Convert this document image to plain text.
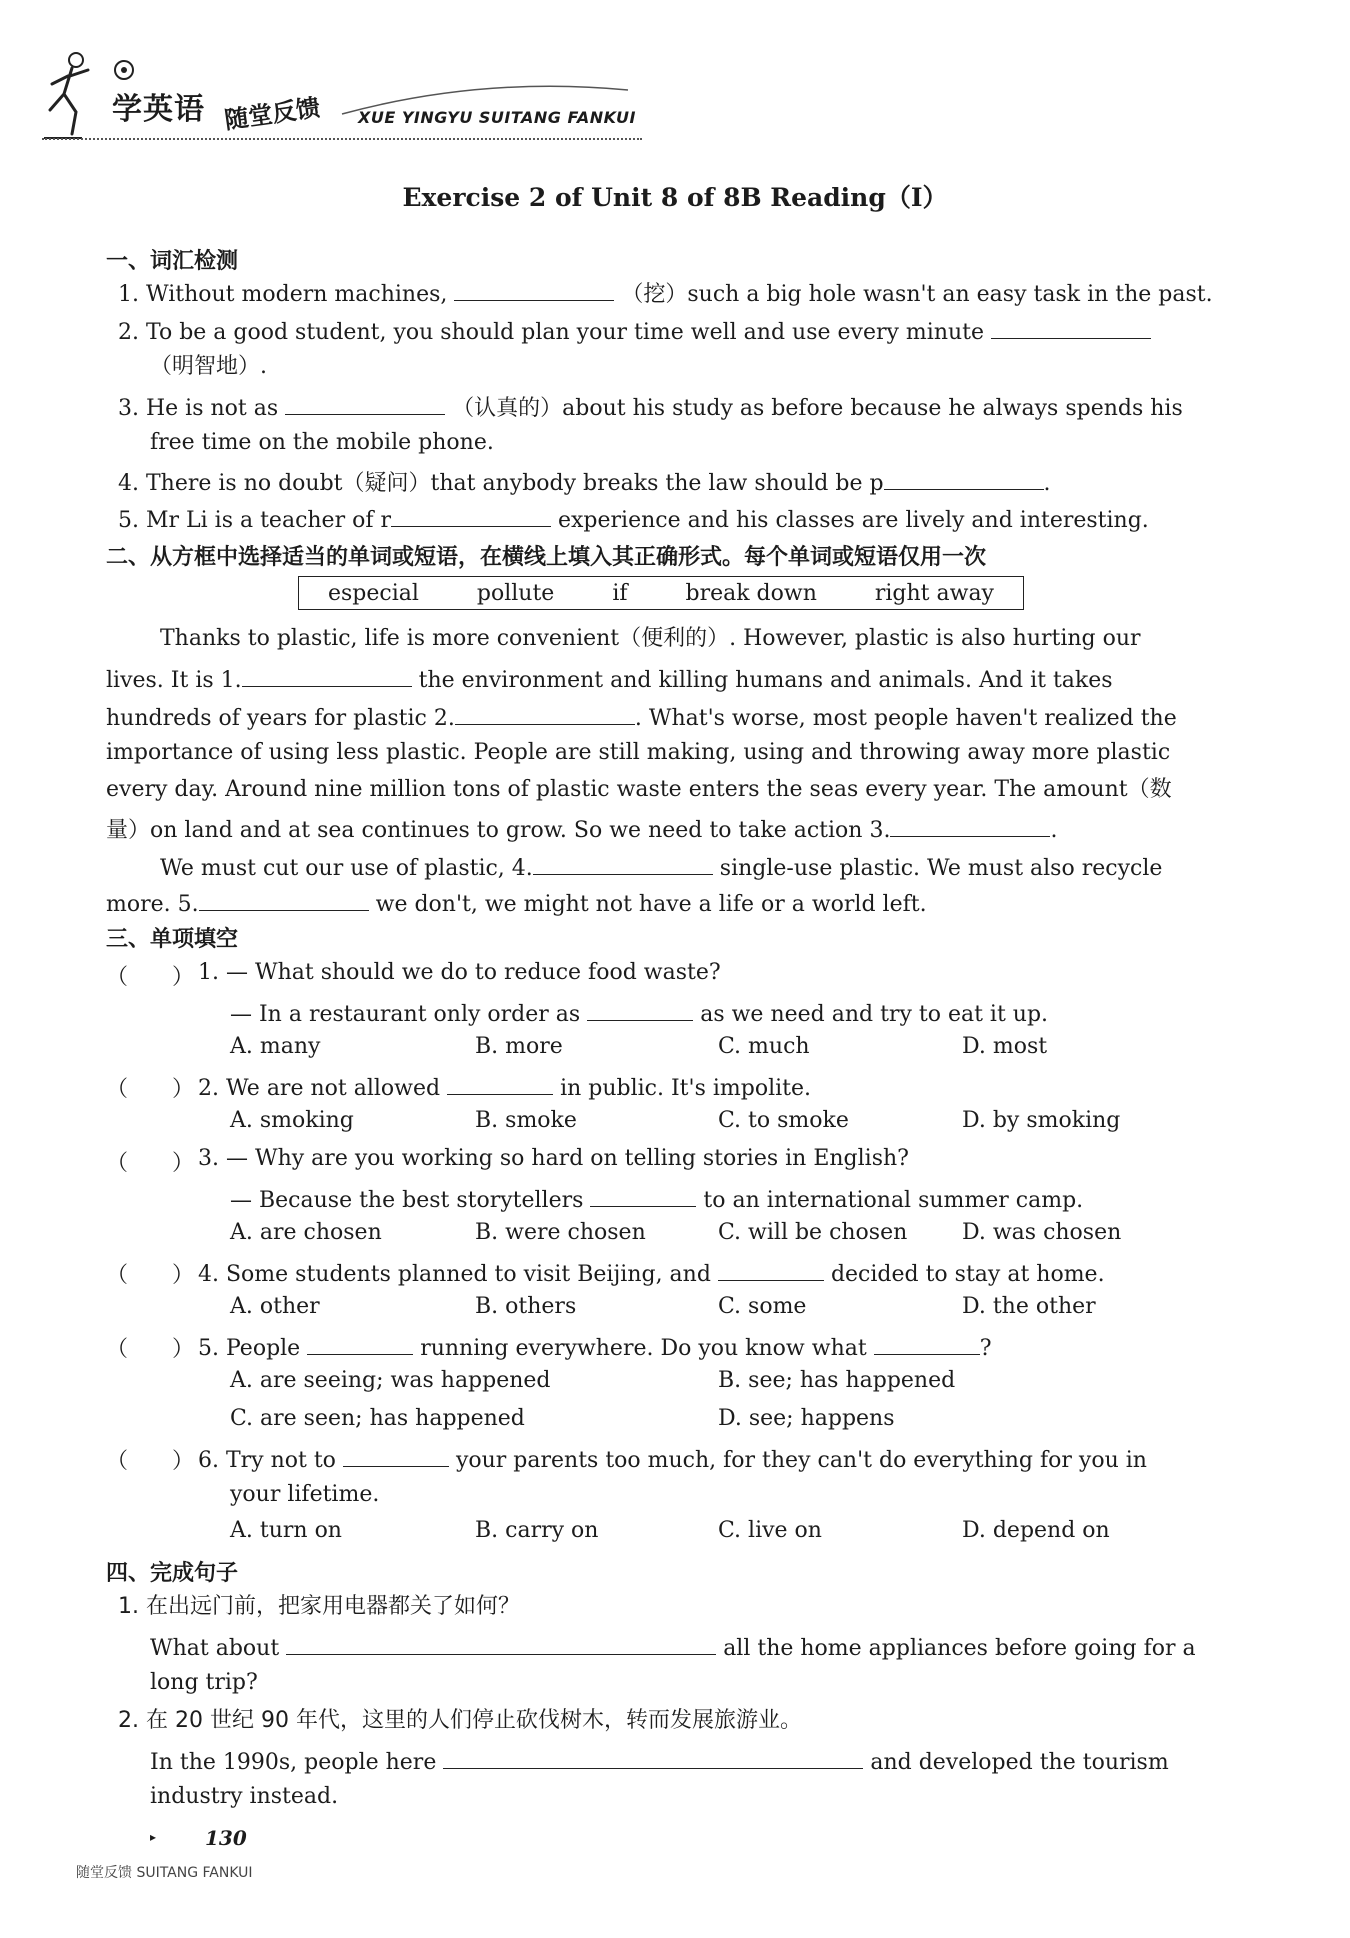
学英语 随堂反馈 XUE YINGYU SUITANG FANKUI
Exercise 2 of Unit 8 of 8B Reading（Ⅰ）
一、词汇检测
1. Without modern machines,	（挖）such a big hole wasn't an easy task in the past.
2. To be a good student, you should plan your time well and use every minute
（明智地）.
3. He is not as	（认真的）about his study as before because he always spends his
free time on the mobile phone.
4. There is no doubt（疑问）that anybody breaks the law should be p	.
5. Mr Li is a teacher of r	experience and his classes are lively and interesting.
二、从方框中选择适当的单词或短语，在横线上填入其正确形式。每个单词或短语仅用一次
especial	pollute	if	break down	right away
Thanks to plastic, life is more convenient（便利的）. However, plastic is also hurting our
lives. It is 1.	the environment and killing humans and animals. And it takes
hundreds of years for plastic 2.	. What's worse, most people haven't realized the
importance of using less plastic. People are still making, using and throwing away more plastic
every day. Around nine million tons of plastic waste enters the seas every year. The amount（数
量）on land and at sea continues to grow. So we need to take action 3.	.
We must cut our use of plastic, 4.	single-use plastic. We must also recycle
more. 5.	we don't, we might not have a life or a world left.
三、单项填空
（　　） 1. — What should we do to reduce food waste?
— In a restaurant only order as	as we need and try to eat it up.
A. many	B. more	C. much	D. most
（　　） 2. We are not allowed	in public. It's impolite.
A. smoking	B. smoke	C. to smoke	D. by smoking
（　　） 3. — Why are you working so hard on telling stories in English?
— Because the best storytellers	to an international summer camp.
A. are chosen	B. were chosen	C. will be chosen D. was chosen
（　　） 4. Some students planned to visit Beijing, and	decided to stay at home.
A. other	B. others	C. some	D. the other
（　　） 5. People	running everywhere. Do you know what	?
A. are seeing; was happened	B. see; has happened
C. are seen; has happened	D. see; happens
（　　） 6. Try not to	your parents too much, for they can't do everything for you in
your lifetime.
A. turn on	B. carry on	C. live on	D. depend on
四、完成句子
1. 在出远门前，把家用电器都关了如何？
What about	all the home appliances before going for a
long trip?
2. 在 20 世纪 90 年代，这里的人们停止砍伐树木，转而发展旅游业。
In the 1990s, people here	and developed the tourism
industry instead.
▸ 130
随堂反馈 SUITANG FANKUI
